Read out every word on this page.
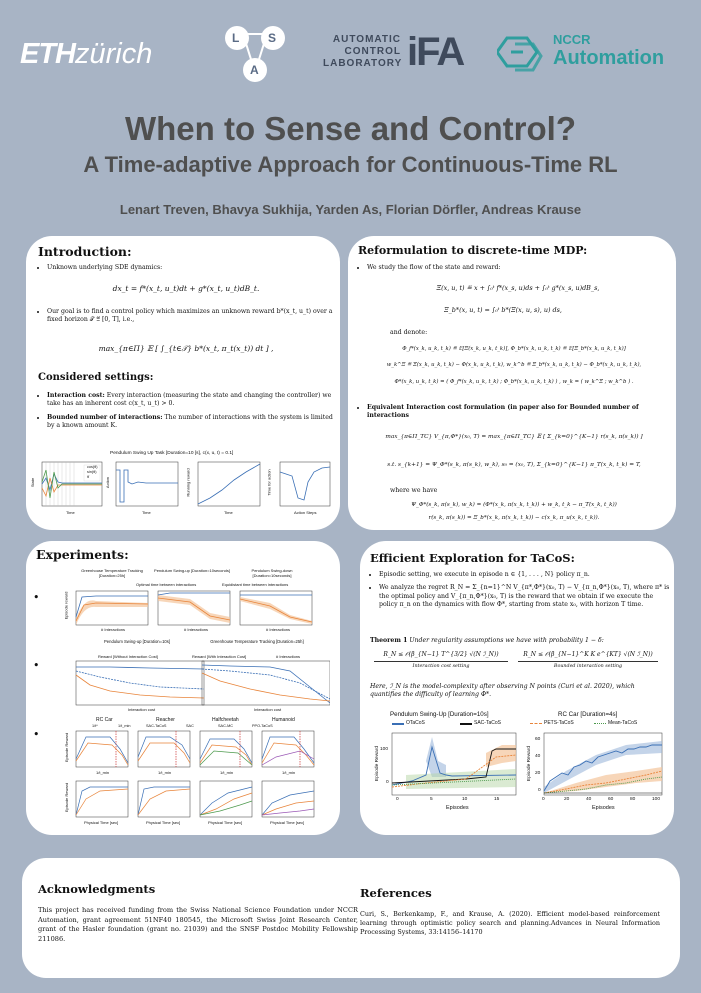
ETHzürich	L
A
S	AUTOMATIC
CONTROL
LABORATORY iFA	NCCR
Automation
When to Sense and Control?
A Time-adaptive Approach for Continuous-Time RL
Lenart Treven, Bhavya Sukhija, Yarden As, Florian Dörfler, Andreas Krause
Introduction:
• Unknown underlying SDE dynamics:
dx_t = f*(x_t, u_t)dt + g*(x_t, u_t)dB_t.
• Our goal is to find a control policy which maximizes an unknown reward b*(x_t, u_t) over a fixed horizon 𝒯 ≝ [0, T], i.e.,
max_{π∈Π} 𝔼 [ ∫_{t∈𝒯} b*(x_t, π_t(x_t)) dt ] ,
Considered settings:
• Interaction cost: Every interaction (measuring the state and changing the controller) we take has an inherent cost c(x_t, u_t) > 0.
• Bounded number of interactions: The number of interactions with the system is limited by a known amount K.
Pendulum Swing Up Task [Duration=10 [s], c(x, u, t) = 0.1]
cos(θ)
sin(θ)
θ̇
Time	Time	Time	Action Steps
State	Action	Running reward	Time for action
Reformulation to discrete-time MDP:
• We study the flow of the state and reward:
Ξ(x, u, t) ≝ x + ∫₀ᵗ f*(x_s, u)ds + ∫₀ᵗ g*(x_s, u)dB_s,
Ξ_b*(x, u, t) = ∫₀ᵗ b*(Ξ(x, u, s), u) ds,
and denote:
Φ_f*(x_k, u_k, t_k) ≝ 𝔼[Ξ(x_k, u_k, t_k)], Φ_b*(x_k, u_k, t_k) ≝ 𝔼[Ξ_b*(x_k, u_k, t_k)]
w_k^Ξ ≝ Ξ(x_k, u_k, t_k) − Φ(x_k, u_k, t_k), w_k^b ≝ Ξ_b*(x_k, u_k, t_k) − Φ_b*(x_k, u_k, t_k),
Φ*(x_k, u_k, t_k) = ( Φ_f*(x_k, u_k, t_k) ; Φ_b*(x_k, u_k, t_k) ) , w_k = ( w_k^Ξ ; w_k^b ) .
• Equivalent Interaction cost formulation (in paper also for Bounded number of interactions
max_{π∈Π_TC} V_{π,Φ*}(x₀, T) = max_{π∈Π_TC} 𝔼 [ Σ_{k=0}^{K−1} r(s_k, π(s_k)) ]
s.t. s_{k+1} = Ψ_Φ*(s_k, π(s_k), w_k), s₀ = (x₀, T), Σ_{k=0}^{K−1} π_T(x_k, t_k) = T,
where we have
Ψ_Φ*(s_k, π(s_k), w_k) = (Φ*(x_k, π(x_k, t_k)) + w_k, t_k − π_T(x_k, t_k))
r(s_k, π(s_k)) = Ξ_b*(x_k, π(x_k, t_k)) − c(x_k, π_u(x_k, t_k)).
Experiments:
•
•
•
Greenhouse Temperature Tracking [Duration=25h]
Pendulum Swing-up [Duration=10seconds]	Pendulum Swing-down [Duration=10seconds]
Optimal time between interactions	Equidistant time between interactions
Episode reward
# Interactions	# Interactions	# Interactions
Pendulum Swing-up [Duration=10s]	Greenhouse Temperature Tracking [Duration=25h]
Reward [Without Interaction Cost]	Reward [With Interaction Cost]	# Interactions
Interaction cost	Interaction cost
RC Car	Reacher	Halfcheetah	Humanoid
1/t*	1/t_min	SAC-TaCoS	SAC	SAC-MC	PPO-TaCoS
1/t_min	1/t_min	1/t_min	1/t_min
Physical Time [sec]	Physical Time [sec]	Physical Time [sec]	Physical Time [sec]
Episode Reward
Episode Reward
Efficient Exploration for TaCoS:
• Episodic setting, we execute in episode n ∈ {1, . . . , N} policy π_n.
• We analyze the regret R_N = Σ_{n=1}^N V_{π*,Φ*}(x₀, T) − V_{π_n,Φ*}(x₀, T), where π* is the optimal policy and V_{π_n,Φ*}(x₀, T) is the reward that we obtain if we execute the policy π_n on the dynamics with flow Φ*, starting from state x₀, with horizon T time.
Theorem 1 Under regularity assumptions we have with probability 1 − δ:
R_N ≤ 𝒪(β_{N−1} T^{3/2} √(N ℐ_N))
Interaction cost setting
R_N ≤ 𝒪(β_{N−1}^K K e^{KT} √(N ℐ_N))
Bounded interaction setting
Here, ℐ_N is the model-complexity after observing N points (Curi et al. 2020), which quantifies the difficulty of learning Φ*.
Pendulum Swing-Up [Duration=10s]	RC Car [Duration=4s]
OTaCoS	SAC-TaCoS	PETS-TaCoS	Mean-TaCoS
Episode Reward	Episode Reward
Episodes	Episodes
0	5	10	15
0
100
0	20	40	60	80	100
0
20
40
60
Acknowledgments
This project has received funding from the Swiss National Science Foundation under NCCR Automation, grant agreement 51NF40 180545, the Microsoft Swiss Joint Research Center, grant of the Hasler foundation (grant no. 21039) and the SNSF Postdoc Mobility Fellowship 211086.
References
Curi, S., Berkenkamp, F., and Krause, A. (2020). Efficient model-based reinforcement learning through optimistic policy search and planning.Advances in Neural Information Processing Systems, 33:14156–14170
